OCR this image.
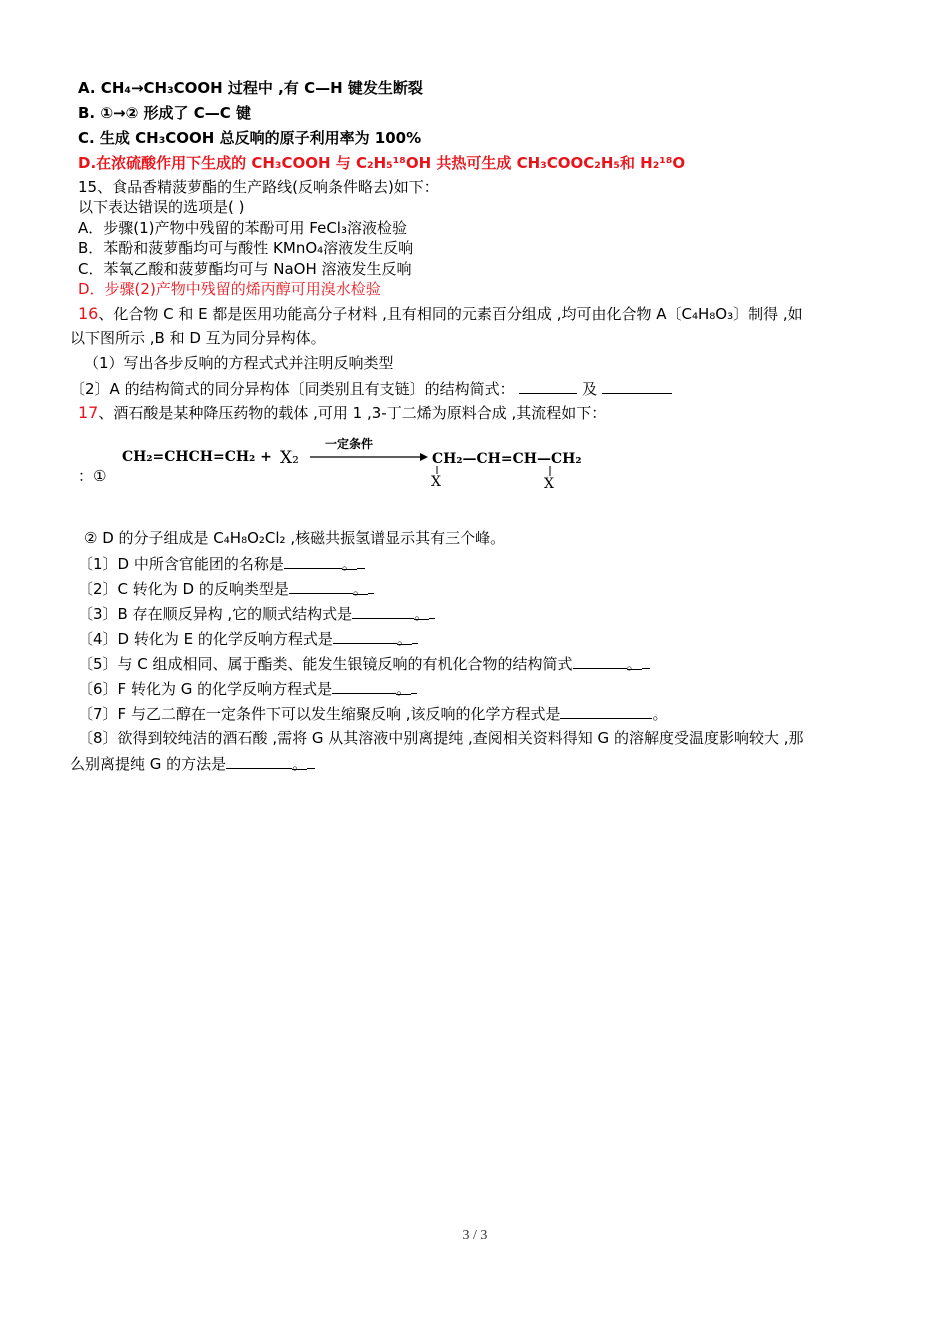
A. CH₄→CH₃COOH 过程中 ,有 C—H 键发生断裂
B. ①→② 形成了 C—C 键
C. 生成 CH₃COOH 总反响的原子利用率为 100%
D.在浓硫酸作用下生成的 CH₃COOH 与 C₂H₅¹⁸OH 共热可生成 CH₃COOC₂H₅和 H₂¹⁸O
15、食品香精菠萝酯的生产路线(反响条件略去)如下：
以下表达错误的选项是( )
A．步骤(1)产物中残留的苯酚可用 FeCl₃溶液检验
B．苯酚和菠萝酯均可与酸性 KMnO₄溶液发生反响
C．苯氧乙酸和菠萝酯均可与 NaOH 溶液发生反响
D．步骤(2)产物中残留的烯丙醇可用溴水检验
16、化合物 C 和 E 都是医用功能高分子材料 ,且有相同的元素百分组成 ,均可由化合物 A〔C₄H₈O₃〕制得 ,如
以下图所示 ,B 和 D 互为同分异构体。
（1）写出各步反响的方程式式并注明反响类型
〔2〕A 的结构简式的同分异构体〔同类别且有支链〕的结构简式：	及
17、酒石酸是某种降压药物的载体 ,可用 1 ,3-丁二烯为原料合成 ,其流程如下：
：①
CH₂=CHCH=CH₂ + X₂
一定条件
CH₂—CH=CH—CH₂
X	X
② D 的分子组成是 C₄H₈O₂Cl₂ ,核磁共振氢谱显示其有三个峰。
〔1〕D 中所含官能团的名称是	。
〔2〕C 转化为 D 的反响类型是	。
〔3〕B 存在顺反异构 ,它的顺式结构式是	。
〔4〕D 转化为 E 的化学反响方程式是	。
〔5〕与 C 组成相同、属于酯类、能发生银镜反响的有机化合物的结构简式	。
〔6〕F 转化为 G 的化学反响方程式是	。
〔7〕F 与乙二醇在一定条件下可以发生缩聚反响 ,该反响的化学方程式是	。
〔8〕欲得到较纯洁的酒石酸 ,需将 G 从其溶液中别离提纯 ,查阅相关资料得知 G 的溶解度受温度影响较大 ,那
么别离提纯 G 的方法是	。
3 / 3
